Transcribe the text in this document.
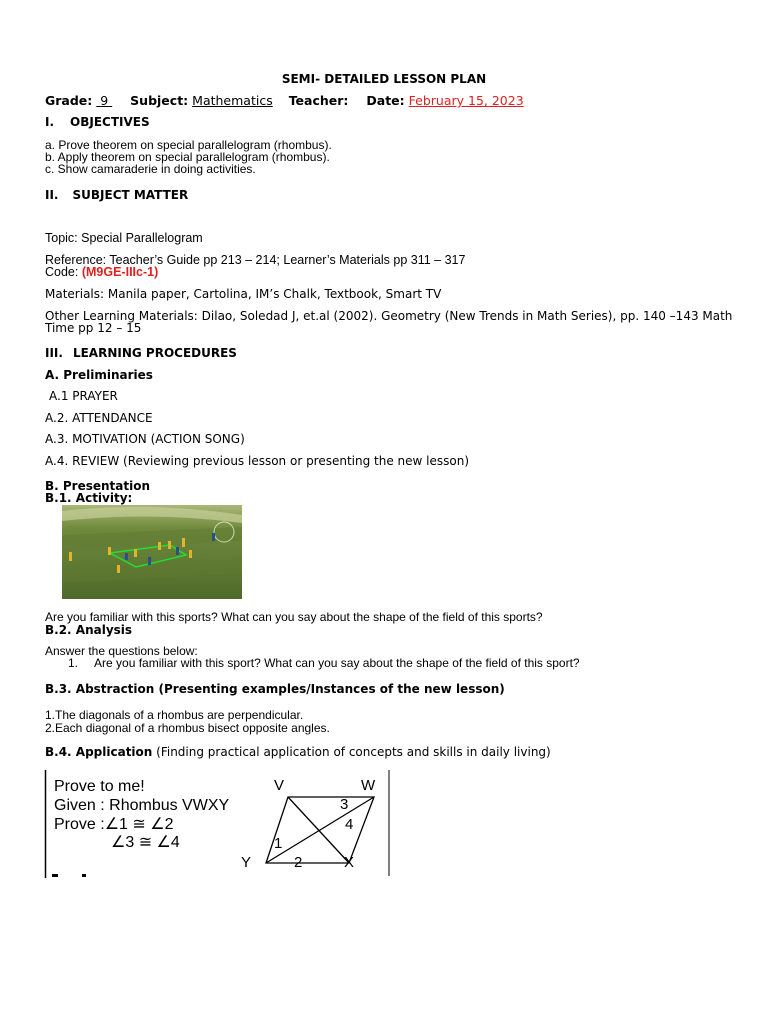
SEMI- DETAILED LESSON PLAN
Grade: 9 Subject: Mathematics Teacher: Date: February 15, 2023
I. OBJECTIVES
a. Prove theorem on special parallelogram (rhombus).
b. Apply theorem on special parallelogram (rhombus).
c. Show camaraderie in doing activities.
II. SUBJECT MATTER
Topic: Special Parallelogram
Reference: Teacher’s Guide pp 213 – 214; Learner’s Materials pp 311 – 317
Code: (M9GE-IIIc-1)
Materials: Manila paper, Cartolina, IM’s Chalk, Textbook, Smart TV
Other Learning Materials: Dilao, Soledad J, et.al (2002). Geometry (New Trends in Math Series), pp. 140 –143 Math
Time pp 12 – 15
III. LEARNING PROCEDURES
A. Preliminaries
A.1 PRAYER
A.2. ATTENDANCE
A.3. MOTIVATION (ACTION SONG)
A.4. REVIEW (Reviewing previous lesson or presenting the new lesson)
B. Presentation
B.1. Activity:
Are you familiar with this sports? What can you say about the shape of the field of this sports?
B.2. Analysis
Answer the questions below:
1. Are you familiar with this sport? What can you say about the shape of the field of this sport?
B.3. Abstraction (Presenting examples/Instances of the new lesson)
1.The diagonals of a rhombus are perpendicular.
2.Each diagonal of a rhombus bisect opposite angles.
B.4. Application (Finding practical application of concepts and skills in daily living)
Prove to me!
Given : Rhombus VWXY
Prove :∠1 ≅ ∠2
∠3 ≅ ∠4
V	W
X
Y
1
2
3
4
